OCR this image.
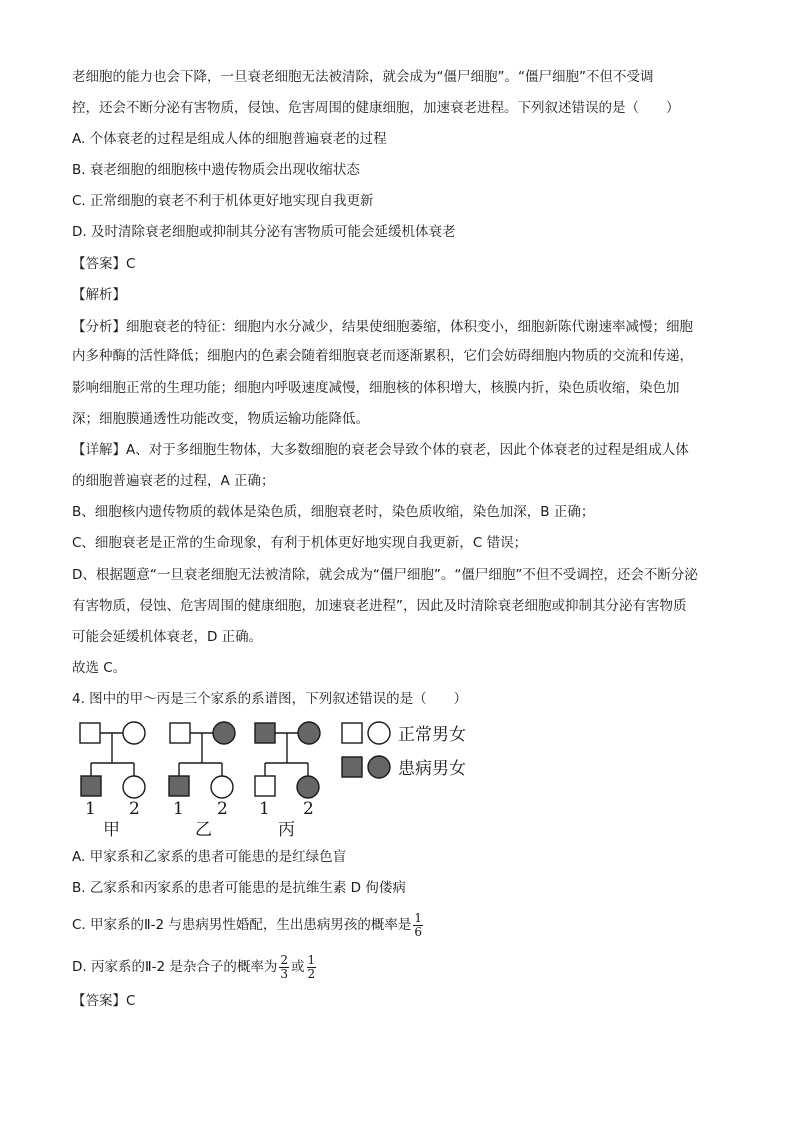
老细胞的能力也会下降，一旦衰老细胞无法被清除，就会成为“僵尸细胞”。“僵尸细胞”不但不受调
控，还会不断分泌有害物质，侵蚀、危害周围的健康细胞，加速衰老进程。下列叙述错误的是（　　）
A. 个体衰老的过程是组成人体的细胞普遍衰老的过程
B. 衰老细胞的细胞核中遗传物质会出现收缩状态
C. 正常细胞的衰老不利于机体更好地实现自我更新
D. 及时清除衰老细胞或抑制其分泌有害物质可能会延缓机体衰老
【答案】C
【解析】
【分析】细胞衰老的特征：细胞内水分减少，结果使细胞萎缩，体积变小，细胞新陈代谢速率减慢；细胞
内多种酶的活性降低；细胞内的色素会随着细胞衰老而逐渐累积，它们会妨碍细胞内物质的交流和传递，
影响细胞正常的生理功能；细胞内呼吸速度减慢，细胞核的体积增大，核膜内折，染色质收缩，染色加
深；细胞膜通透性功能改变，物质运输功能降低。
【详解】A、对于多细胞生物体，大多数细胞的衰老会导致个体的衰老，因此个体衰老的过程是组成人体
的细胞普遍衰老的过程，A 正确；
B、细胞核内遗传物质的载体是染色质，细胞衰老时，染色质收缩，染色加深，B 正确；
C、细胞衰老是正常的生命现象，有利于机体更好地实现自我更新，C 错误；
D、根据题意“一旦衰老细胞无法被清除，就会成为“僵尸细胞”。“僵尸细胞”不但不受调控，还会不断分泌
有害物质，侵蚀、危害周围的健康细胞，加速衰老进程”，因此及时清除衰老细胞或抑制其分泌有害物质
可能会延缓机体衰老，D 正确。
故选 C。
4. 图中的甲～丙是三个家系的系谱图，下列叙述错误的是（　　）
1 2 1 2 1 2
甲	乙	丙
正常男女
患病男女
A. 甲家系和乙家系的患者可能患的是红绿色盲
B. 乙家系和丙家系的患者可能患的是抗维生素 D 佝偻病
C. 甲家系的Ⅱ-2 与患病男性婚配，生出患病男孩的概率是 $\frac{1}{6}$
D. 丙家系的Ⅱ-2 是杂合子的概率为 $\frac{2}{3}$ 或 $\frac{1}{2}$
【答案】C
